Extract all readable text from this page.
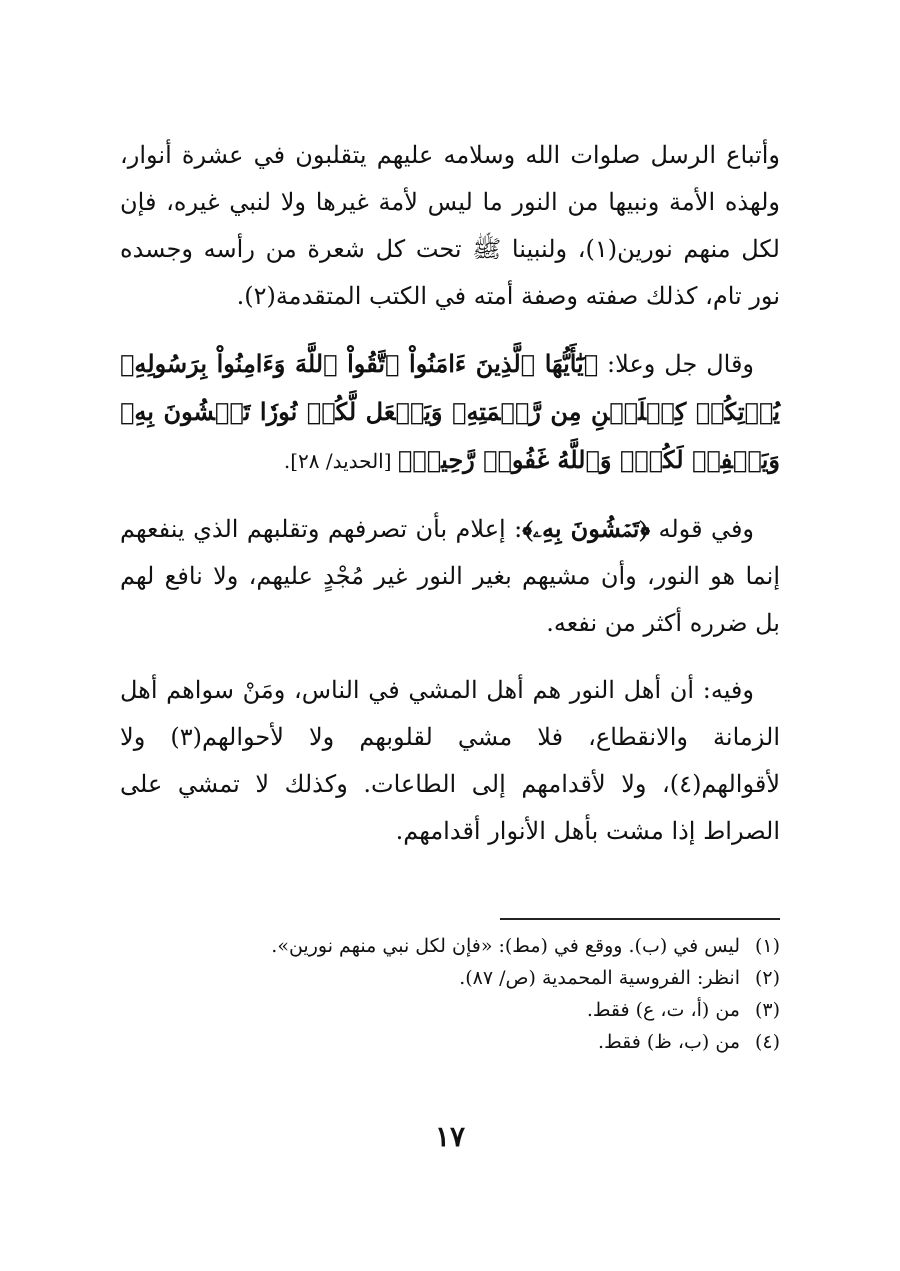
وأتباع الرسل صلوات الله وسلامه عليهم يتقلبون في عشرة أنوار، ولهذه الأمة ونبيها من النور ما ليس لأمة غيرها ولا لنبي غيره، فإن لكل منهم نورين(١)، ولنبينا ﷺ تحت كل شعرة من رأسه وجسده نور تام، كذلك صفته وصفة أمته في الكتب المتقدمة(٢).

وقال جل وعلا: ﴿يَٰٓأَيُّهَا ٱلَّذِينَ ءَامَنُواْ ٱتَّقُواْ ٱللَّهَ وَءَامِنُواْ بِرَسُولِهِۦ يُؤۡتِكُمۡ كِفۡلَيۡنِ مِن رَّحۡمَتِهِۦ وَيَجۡعَل لَّكُمۡ نُورٗا تَمۡشُونَ بِهِۦ وَيَغۡفِرۡ لَكُمۡۚ وَٱللَّهُ غَفُورٞ رَّحِيمٞ﴾ [الحديد/ ٢٨].

وفي قوله ﴿تَمۡشُونَ بِهِۦ﴾: إعلام بأن تصرفهم وتقلبهم الذي ينفعهم إنما هو النور، وأن مشيهم بغير النور غير مُجْدٍ عليهم، ولا نافع لهم بل ضرره أكثر من نفعه.

وفيه: أن أهل النور هم أهل المشي في الناس، ومَنْ سواهم أهل الزمانة والانقطاع، فلا مشي لقلوبهم ولا لأحوالهم(٣) ولا لأقوالهم(٤)، ولا لأقدامهم إلى الطاعات. وكذلك لا تمشي على الصراط إذا مشت بأهل الأنوار أقدامهم.

(١)ليس في (ب). ووقع في (مط): «فإن لكل نبي منهم نورين».

(٢)انظر: الفروسية المحمدية (ص/ ٨٧).

(٣)من (أ، ت، ع) فقط.

(٤)من (ب، ظ) فقط.

١٧
